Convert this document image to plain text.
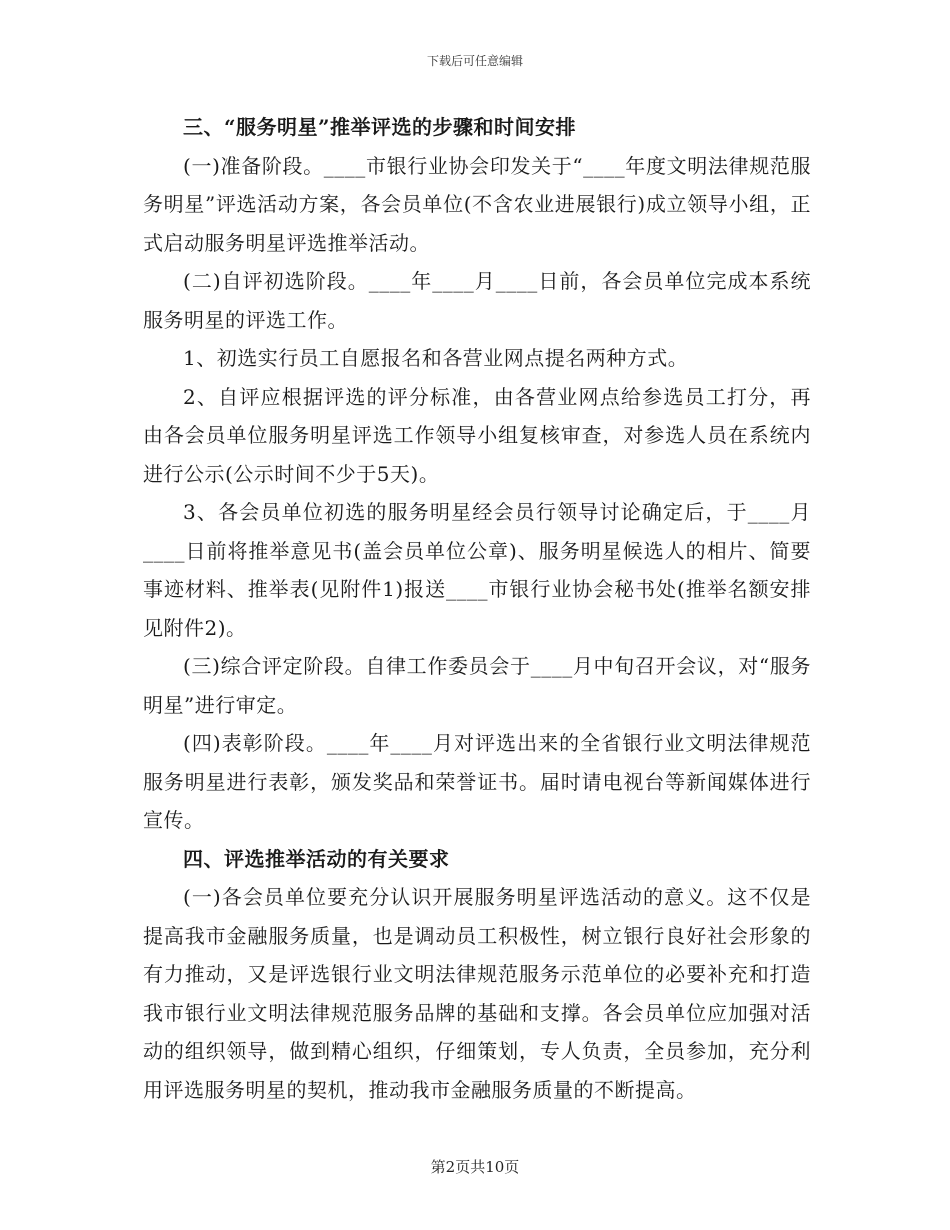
下载后可任意编辑

三、“服务明星”推举评选的步骤和时间安排

(一)准备阶段。____市银行业协会印发关于“____年度文明法律规范服务明星”评选活动方案，各会员单位(不含农业进展银行)成立领导小组，正式启动服务明星评选推举活动。

(二)自评初选阶段。____年____月____日前，各会员单位完成本系统服务明星的评选工作。

1、初选实行员工自愿报名和各营业网点提名两种方式。

2、自评应根据评选的评分标准，由各营业网点给参选员工打分，再由各会员单位服务明星评选工作领导小组复核审查，对参选人员在系统内进行公示(公示时间不少于5天)。

3、各会员单位初选的服务明星经会员行领导讨论确定后，于____月____日前将推举意见书(盖会员单位公章)、服务明星候选人的相片、简要事迹材料、推举表(见附件1)报送____市银行业协会秘书处(推举名额安排见附件2)。

(三)综合评定阶段。自律工作委员会于____月中旬召开会议，对“服务明星”进行审定。

(四)表彰阶段。____年____月对评选出来的全省银行业文明法律规范服务明星进行表彰，颁发奖品和荣誉证书。届时请电视台等新闻媒体进行宣传。

四、评选推举活动的有关要求

(一)各会员单位要充分认识开展服务明星评选活动的意义。这不仅是提高我市金融服务质量，也是调动员工积极性，树立银行良好社会形象的有力推动，又是评选银行业文明法律规范服务示范单位的必要补充和打造我市银行业文明法律规范服务品牌的基础和支撑。各会员单位应加强对活动的组织领导，做到精心组织，仔细策划，专人负责，全员参加，充分利用评选服务明星的契机，推动我市金融服务质量的不断提高。

第2页共10页
